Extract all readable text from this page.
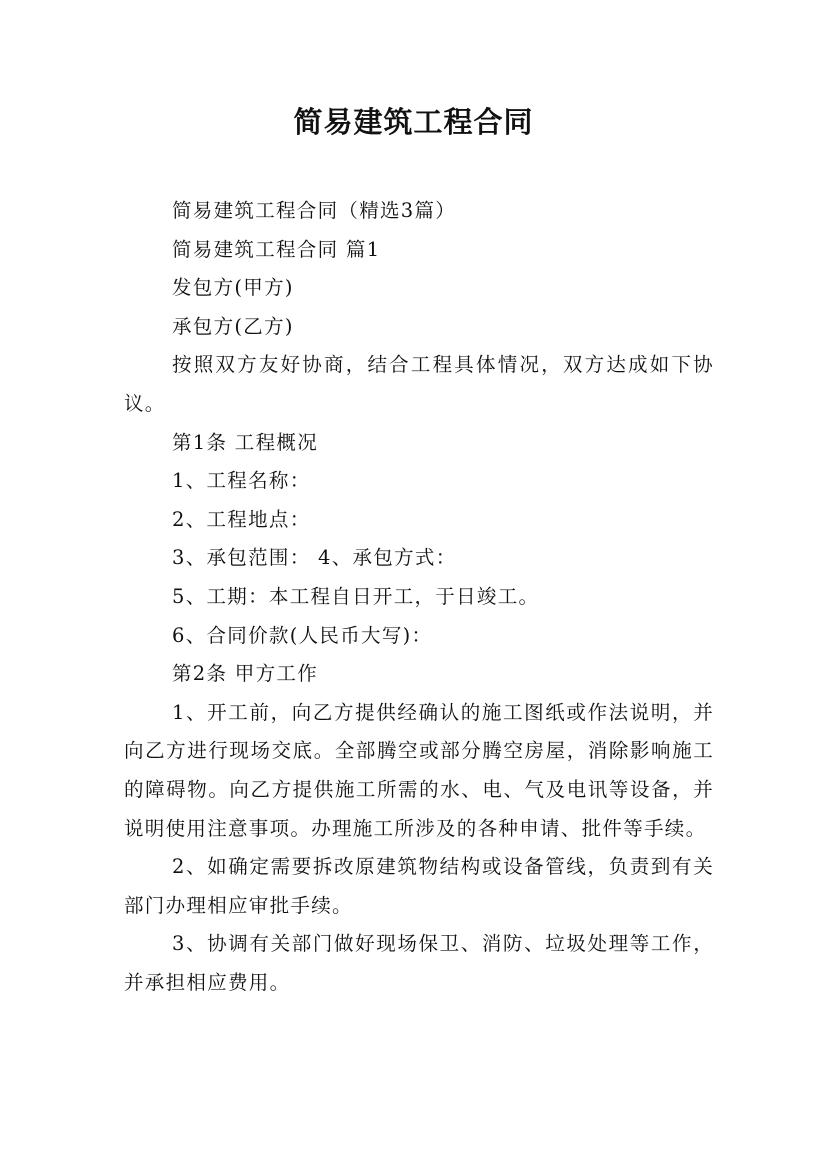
简易建筑工程合同

简易建筑工程合同（精选3篇）

简易建筑工程合同 篇1

发包方(甲方)

承包方(乙方)

按照双方友好协商，结合工程具体情况，双方达成如下协议。

第1条 工程概况

1、工程名称：

2、工程地点：

3、承包范围： 4、承包方式：

5、工期：本工程自日开工，于日竣工。

6、合同价款(人民币大写)：

第2条 甲方工作

1、开工前，向乙方提供经确认的施工图纸或作法说明，并向乙方进行现场交底。全部腾空或部分腾空房屋，消除影响施工的障碍物。向乙方提供施工所需的水、电、气及电讯等设备，并说明使用注意事项。办理施工所涉及的各种申请、批件等手续。

2、如确定需要拆改原建筑物结构或设备管线，负责到有关部门办理相应审批手续。

3、协调有关部门做好现场保卫、消防、垃圾处理等工作，并承担相应费用。
